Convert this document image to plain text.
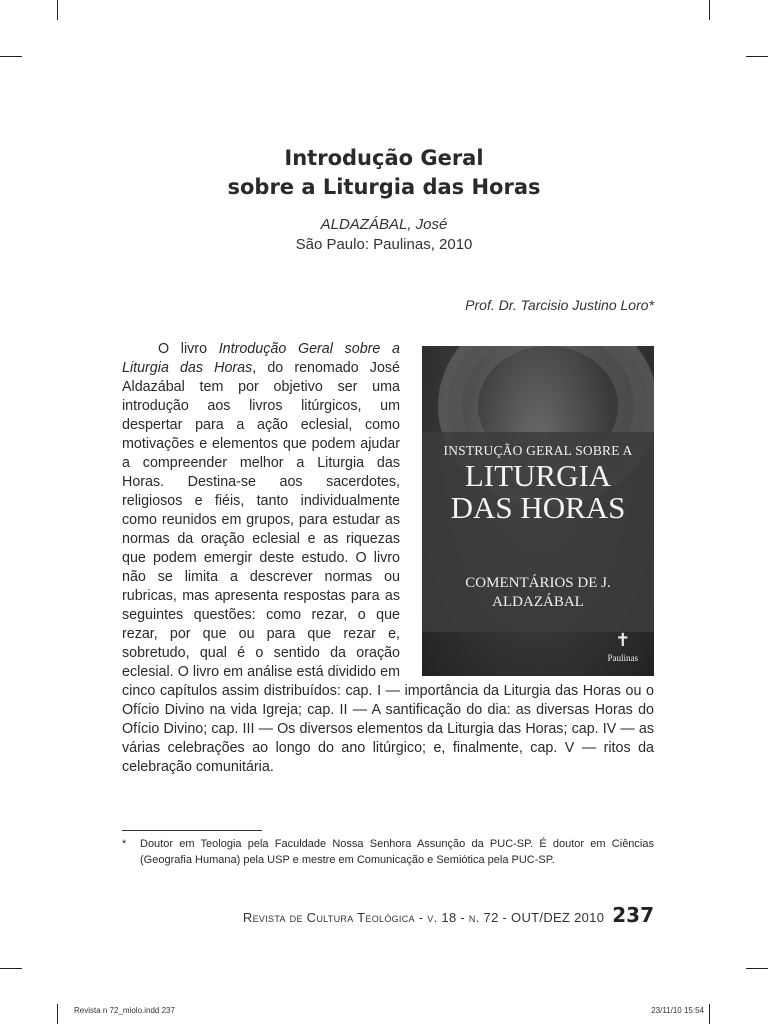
Introdução Geral
sobre a Liturgia das Horas
ALDAZÁBAL, José
São Paulo: Paulinas, 2010
Prof. Dr. Tarcisio Justino Loro*
INSTRUÇÃO GERAL SOBRE A
LITURGIA
DAS HORAS
COMENTÁRIOS DE J. ALDAZÁBAL
✝
Paulinas

O livro Introdução Geral sobre a Liturgia das Horas, do renomado José Aldazábal tem por objetivo ser uma introdução aos livros litúrgicos, um despertar para a ação eclesial, como motivações e elementos que podem ajudar a compreender melhor a Liturgia das Horas. Destina-se aos sacerdotes, religiosos e fiéis, tanto individualmente como reunidos em grupos, para estudar as normas da oração eclesial e as riquezas que podem emergir deste estudo. O livro não se limita a descrever normas ou rubricas, mas apresenta respostas para as seguintes questões: como rezar, o que rezar, por que ou para que rezar e, sobretudo, qual é o sentido da oração eclesial. O livro em análise está dividido em cinco capítulos assim distribuídos: cap. I — importância da Liturgia das Horas ou o Ofício Divino na vida Igreja; cap. II — A santificação do dia: as diversas Horas do Ofício Divino; cap. III — Os diversos elementos da Liturgia das Horas; cap. IV — as várias celebrações ao longo do ano litúrgico; e, finalmente, cap. V — ritos da celebração comunitária.

*	Doutor em Teologia pela Faculdade Nossa Senhora Assunção da PUC-SP. É doutor em Ciências (Geografia Humana) pela USP e mestre em Comunicação e Semiótica pela PUC-SP.
Revista de Cultura Teológica - v. 18 - n. 72 - OUT/DEZ 2010 237
Revista n 72_miolo.indd 237	23/11/10 15:54
